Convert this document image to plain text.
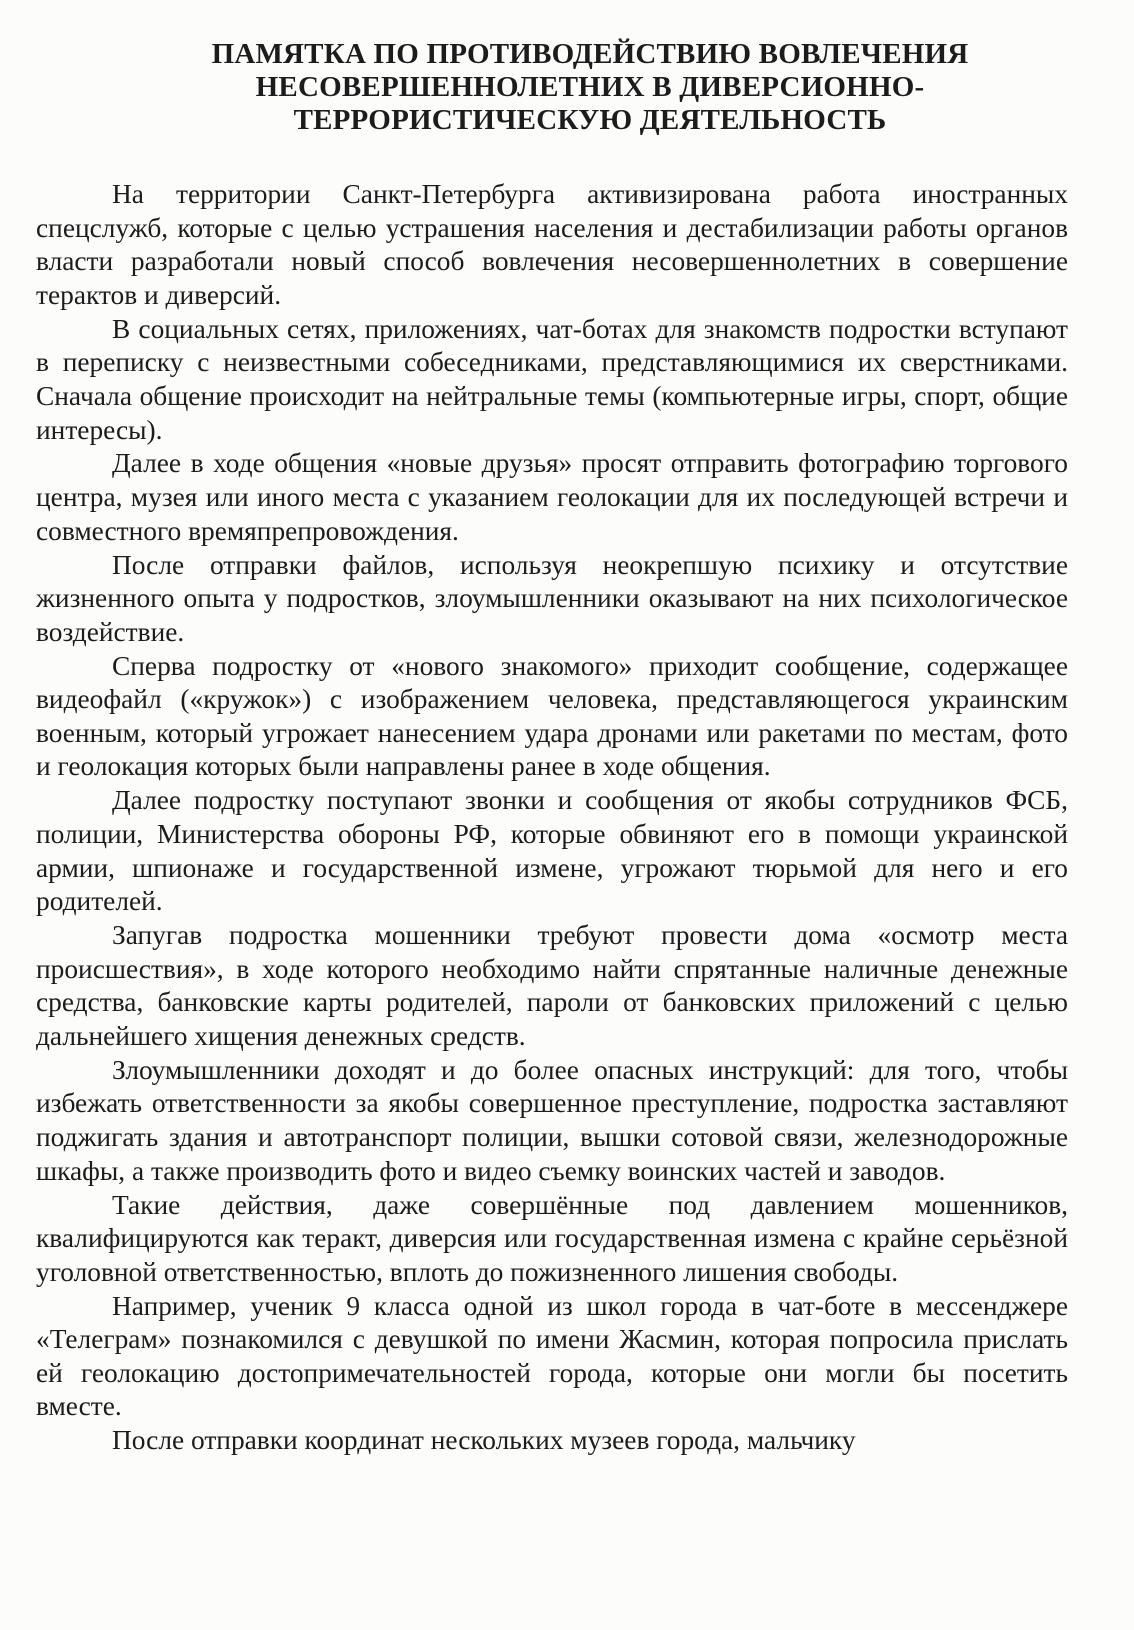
ПАМЯТКА ПО ПРОТИВОДЕЙСТВИЮ ВОВЛЕЧЕНИЯ
НЕСОВЕРШЕННОЛЕТНИХ В ДИВЕРСИОННО-
ТЕРРОРИСТИЧЕСКУЮ ДЕЯТЕЛЬНОСТЬ

На территории Санкт-Петербурга активизирована работа иностранных спецслужб, которые с целью устрашения населения и дестабилизации работы органов власти разработали новый способ вовлечения несовершеннолетних в совершение терактов и диверсий.

В социальных сетях, приложениях, чат-ботах для знакомств подростки вступают в переписку с неизвестными собеседниками, представляющимися их сверстниками. Сначала общение происходит на нейтральные темы (компьютерные игры, спорт, общие интересы).

Далее в ходе общения «новые друзья» просят отправить фотографию торгового центра, музея или иного места с указанием геолокации для их последующей встречи и совместного времяпрепровождения.

После отправки файлов, используя неокрепшую психику и отсутствие жизненного опыта у подростков, злоумышленники оказывают на них психологическое воздействие.

Сперва подростку от «нового знакомого» приходит сообщение, содержащее видеофайл («кружок») с изображением человека, представляющегося украинским военным, который угрожает нанесением удара дронами или ракетами по местам, фото и геолокация которых были направлены ранее в ходе общения.

Далее подростку поступают звонки и сообщения от якобы сотрудников ФСБ, полиции, Министерства обороны РФ, которые обвиняют его в помощи украинской армии, шпионаже и государственной измене, угрожают тюрьмой для него и его родителей.

Запугав подростка мошенники требуют провести дома «осмотр места происшествия», в ходе которого необходимо найти спрятанные наличные денежные средства, банковские карты родителей, пароли от банковских приложений с целью дальнейшего хищения денежных средств.

Злоумышленники доходят и до более опасных инструкций: для того, чтобы избежать ответственности за якобы совершенное преступление, подростка заставляют поджигать здания и автотранспорт полиции, вышки сотовой связи, железнодорожные шкафы, а также производить фото и видео съемку воинских частей и заводов.

Такие действия, даже совершённые под давлением мошенников, квалифицируются как теракт, диверсия или государственная измена с крайне серьёзной уголовной ответственностью, вплоть до пожизненного лишения свободы.

Например, ученик 9 класса одной из школ города в чат-боте в мессенджере «Телеграм» познакомился с девушкой по имени Жасмин, которая попросила прислать ей геолокацию достопримечательностей города, которые они могли бы посетить вместе.

После отправки координат нескольких музеев города, мальчику
